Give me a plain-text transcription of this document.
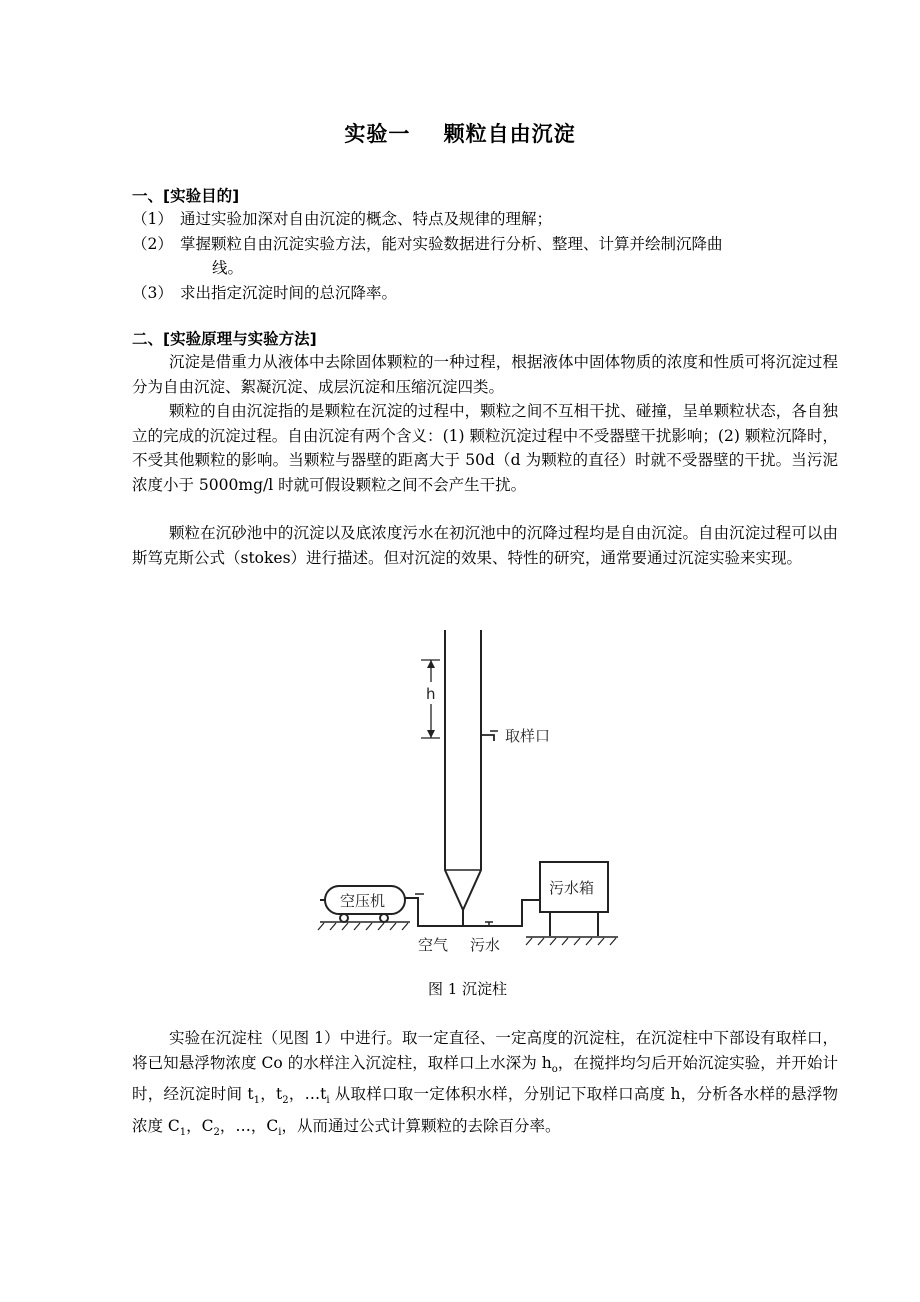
实验一    颗粒自由沉淀
一、[实验目的]
（1） 通过实验加深对自由沉淀的概念、特点及规律的理解；
（2） 掌握颗粒自由沉淀实验方法，能对实验数据进行分析、整理、计算并绘制沉降曲
线。
（3） 求出指定沉淀时间的总沉降率。
二、[实验原理与实验方法]
沉淀是借重力从液体中去除固体颗粒的一种过程，根据液体中固体物质的浓度和性质可将沉淀过程分为自由沉淀、絮凝沉淀、成层沉淀和压缩沉淀四类。
颗粒的自由沉淀指的是颗粒在沉淀的过程中，颗粒之间不互相干扰、碰撞，呈单颗粒状态，各自独立的完成的沉淀过程。自由沉淀有两个含义：(1) 颗粒沉淀过程中不受器壁干扰影响；(2) 颗粒沉降时，不受其他颗粒的影响。当颗粒与器壁的距离大于 50d（d 为颗粒的直径）时就不受器壁的干扰。当污泥浓度小于 5000mg/l 时就可假设颗粒之间不会产生干扰。
颗粒在沉砂池中的沉淀以及底浓度污水在初沉池中的沉降过程均是自由沉淀。自由沉淀过程可以由斯笃克斯公式（stokes）进行描述。但对沉淀的效果、特性的研究，通常要通过沉淀实验来实现。
h
取样口
空压机
污水箱
空气 污水
图 1 沉淀柱
实验在沉淀柱（见图 1）中进行。取一定直径、一定高度的沉淀柱，在沉淀柱中下部设有取样口，将已知悬浮物浓度 Co 的水样注入沉淀柱，取样口上水深为 $h_o$，在搅拌均匀后开始沉淀实验，并开始计时，经沉淀时间 $t_1$，$t_2$，$\dots t_i$ 从取样口取一定体积水样，分别记下取样口高度 h，分析各水样的悬浮物浓度 $C_1$，$C_2$，…，$C_i$，从而通过公式计算颗粒的去除百分率。
